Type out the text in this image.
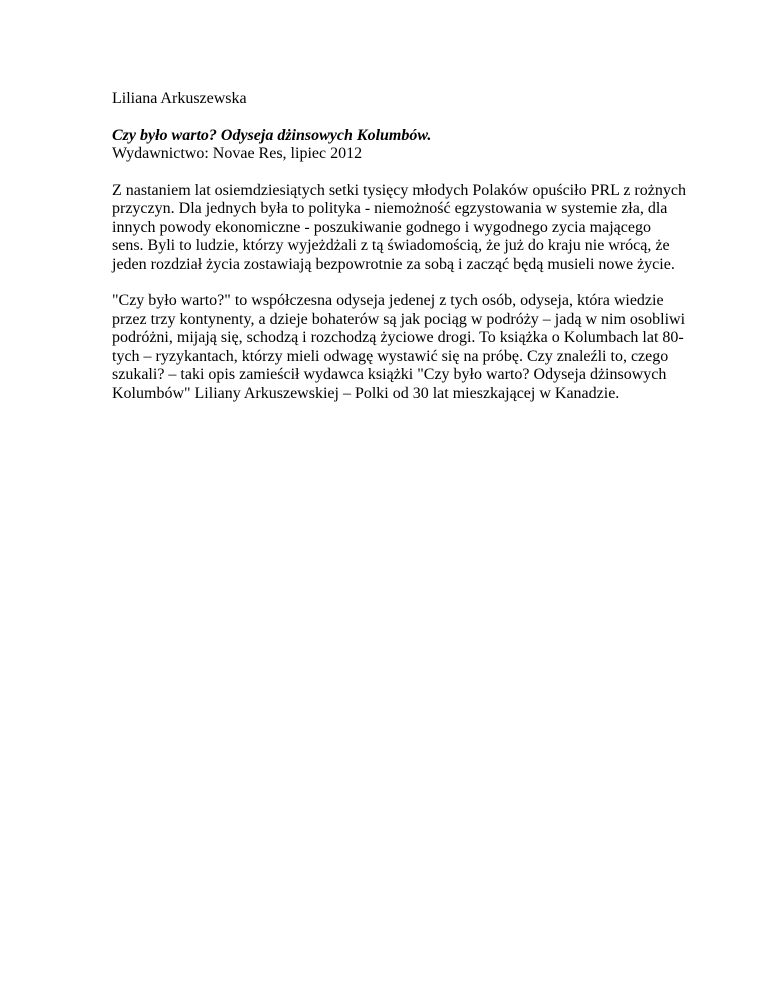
Liliana Arkuszewska

Czy było warto? Odyseja dżinsowych Kolumbów.

Wydawnictwo: Novae Res, lipiec 2012

Z nastaniem lat osiemdziesiątych setki tysięcy młodych Polaków opuściło PRL z rożnych

przyczyn. Dla jednych była to polityka - niemożność egzystowania w systemie zła, dla

innych powody ekonomiczne - poszukiwanie godnego i wygodnego zycia mającego

sens. Byli to ludzie, którzy wyjeżdżali z tą świadomością, że już do kraju nie wrócą, że

jeden rozdział życia zostawiają bezpowrotnie za sobą i zacząć będą musieli nowe życie.

"Czy było warto?" to współczesna odyseja jedenej z tych osób, odyseja, która wiedzie

przez trzy kontynenty, a dzieje bohaterów są jak pociąg w podróży – jadą w nim osobliwi

podróżni, mijają się, schodzą i rozchodzą życiowe drogi. To książka o Kolumbach lat 80-

tych – ryzykantach, którzy mieli odwagę wystawić się na próbę. Czy znaleźli to, czego

szukali? – taki opis zamieścił wydawca książki "Czy było warto? Odyseja dżinsowych

Kolumbów" Liliany Arkuszewskiej – Polki od 30 lat mieszkającej w Kanadzie.
